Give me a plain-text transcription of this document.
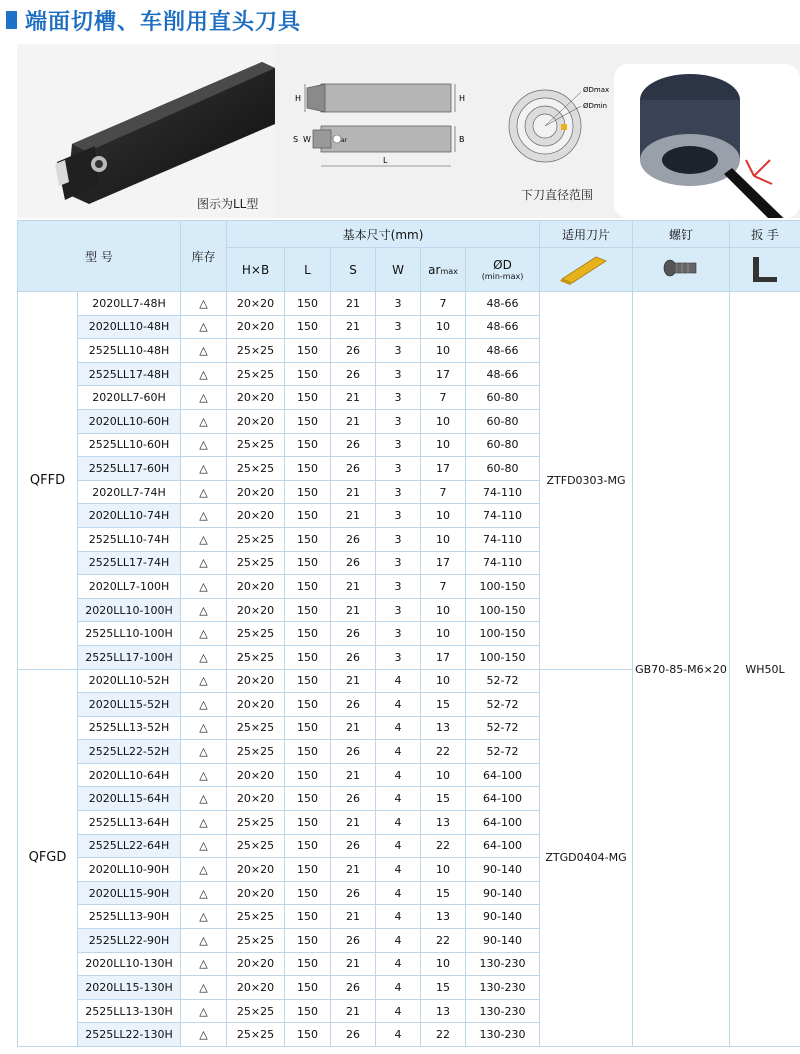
端面切槽、车削用直头刀具
图示为LL型
H	H
S W	ar	B
L
ØDmax
ØDmin
下刀直径范围
型 号		库存	基本尺寸(mm)						适用刀片	螺钉	扳 手
			H×B	L	S	W	armax	ØD
(min-max)

QFFD	2020LL7-48H	△	20×20	150	21	3	7	48-66	ZTFD0303-MG	GB70-85-M6×20	WH50L
	2020LL10-48H	△	20×20	150	21	3	10	48-66			
	2525LL10-48H	△	25×25	150	26	3	10	48-66			
	2525LL17-48H	△	25×25	150	26	3	17	48-66			
	2020LL7-60H	△	20×20	150	21	3	7	60-80			
	2020LL10-60H	△	20×20	150	21	3	10	60-80			
	2525LL10-60H	△	25×25	150	26	3	10	60-80			
	2525LL17-60H	△	25×25	150	26	3	17	60-80			
	2020LL7-74H	△	20×20	150	21	3	7	74-110			
	2020LL10-74H	△	20×20	150	21	3	10	74-110			
	2525LL10-74H	△	25×25	150	26	3	10	74-110			
	2525LL17-74H	△	25×25	150	26	3	17	74-110			
	2020LL7-100H	△	20×20	150	21	3	7	100-150			
	2020LL10-100H	△	20×20	150	21	3	10	100-150			
	2525LL10-100H	△	25×25	150	26	3	10	100-150			
	2525LL17-100H	△	25×25	150	26	3	17	100-150			
QFGD	2020LL10-52H	△	20×20	150	21	4	10	52-72	ZTGD0404-MG		
	2020LL15-52H	△	20×20	150	26	4	15	52-72			
	2525LL13-52H	△	25×25	150	21	4	13	52-72			
	2525LL22-52H	△	25×25	150	26	4	22	52-72			
	2020LL10-64H	△	20×20	150	21	4	10	64-100			
	2020LL15-64H	△	20×20	150	26	4	15	64-100			
	2525LL13-64H	△	25×25	150	21	4	13	64-100			
	2525LL22-64H	△	25×25	150	26	4	22	64-100			
	2020LL10-90H	△	20×20	150	21	4	10	90-140			
	2020LL15-90H	△	20×20	150	26	4	15	90-140			
	2525LL13-90H	△	25×25	150	21	4	13	90-140			
	2525LL22-90H	△	25×25	150	26	4	22	90-140			
	2020LL10-130H	△	20×20	150	21	4	10	130-230			
	2020LL15-130H	△	20×20	150	26	4	15	130-230			
	2525LL13-130H	△	25×25	150	21	4	13	130-230			
	2525LL22-130H	△	25×25	150	26	4	22	130-230			
